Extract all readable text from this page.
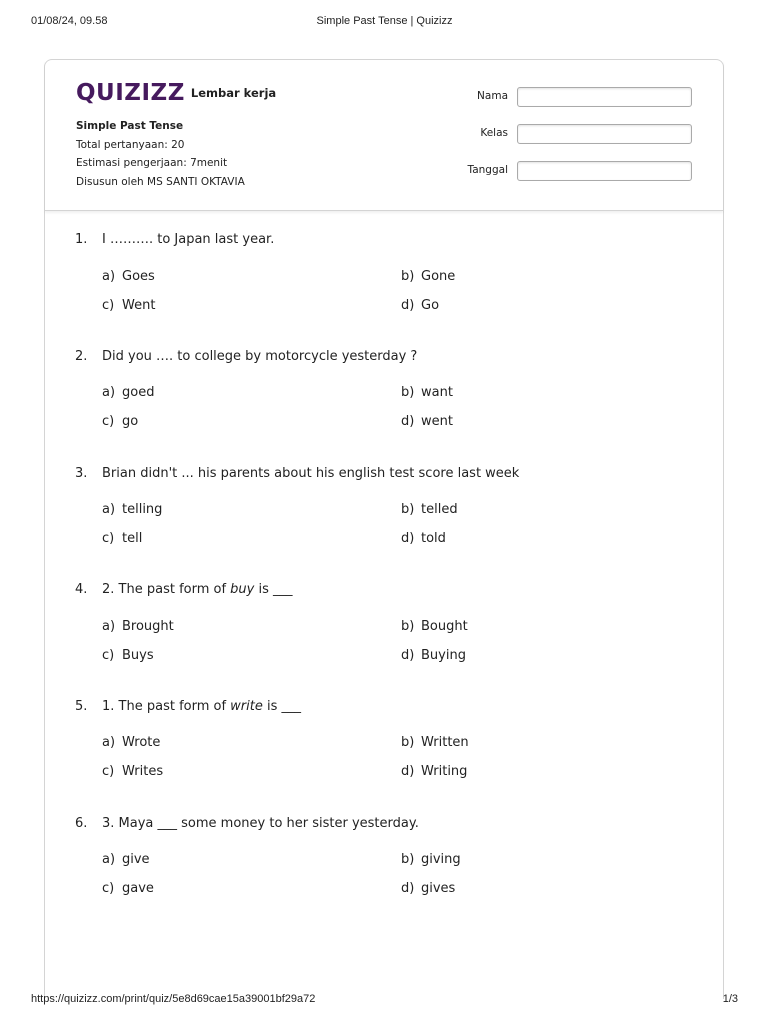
01/08/24, 09.58	Simple Past Tense | Quizizz
QUIZIZZ Lembar kerja
Simple Past Tense
Total pertanyaan: 20
Estimasi pengerjaan: 7menit
Disusun oleh MS SANTI OKTAVIA
Nama
Kelas
Tanggal
1. I ………. to Japan last year.
a) Goes	b) Gone
c) Went	d) Go
2. Did you …. to college by motorcycle yesterday ?
a) goed	b) want
c) go	d) went
3. Brian didn't ... his parents about his english test score last week
a) telling	b) telled
c) tell	d) told
4. 2. The past form of buy is ___
a) Brought	b) Bought
c) Buys	d) Buying
5. 1. The past form of write is ___
a) Wrote	b) Written
c) Writes	d) Writing
6. 3. Maya ___ some money to her sister yesterday.
a) give	b) giving
c) gave	d) gives
https://quizizz.com/print/quiz/5e8d69cae15a39001bf29a72	1/3
